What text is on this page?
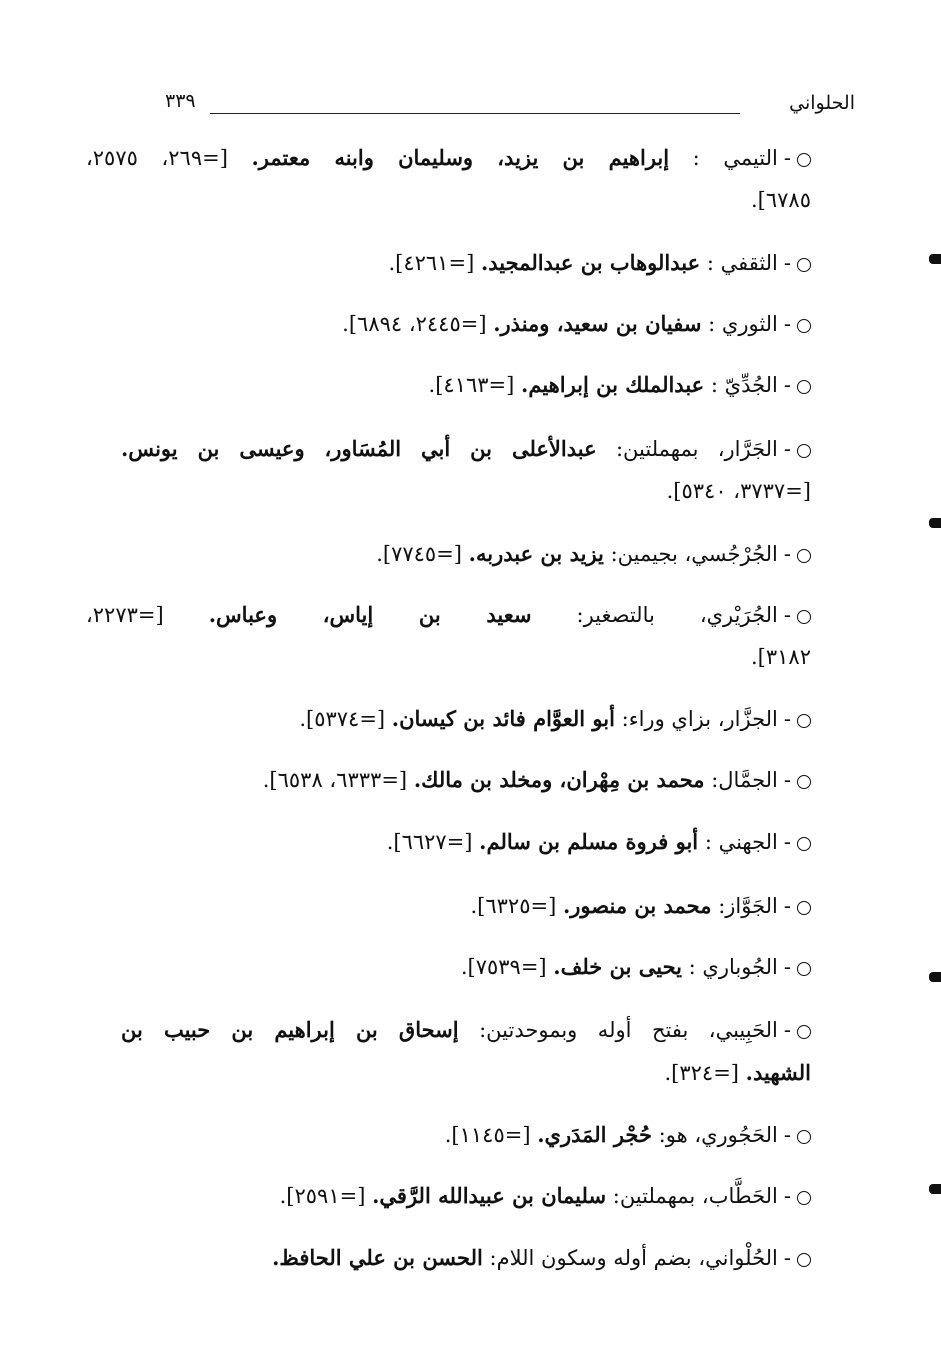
الحلواني
٣٣٩
-التيمي : إبراهيم بن يزيد، وسليمان وابنه معتمر. [=٢٦٩، ٢٥٧٥،
٦٧٨٥].
-الثقفي : عبدالوهاب بن عبدالمجيد. [=٤٢٦١].
-الثوري : سفيان بن سعيد، ومنذر. [=٢٤٤٥، ٦٨٩٤].
-الجُدِّيّ : عبدالملك بن إبراهيم. [=٤١٦٣].
-الجَرَّار، بمهملتين: عبدالأعلى بن أبي المُسَاور، وعيسى بن يونس.
[=٣٧٣٧، ٥٣٤٠].
-الجُرْجُسي، بجيمين: يزيد بن عبدربه. [=٧٧٤٥].
-الجُرَيْري، بالتصغير: سعيد بن إياس، وعباس. [=٢٢٧٣،
٣١٨٢].
-الجزَّار، بزاي وراء: أبو العوَّام فائد بن كيسان. [=٥٣٧٤].
-الجمَّال: محمد بن مِهْران، ومخلد بن مالك. [=٦٣٣٣، ٦٥٣٨].
-الجهني : أبو فروة مسلم بن سالم. [=٦٦٢٧].
-الجَوَّاز: محمد بن منصور. [=٦٣٢٥].
-الجُوباري : يحيى بن خلف. [=٧٥٣٩].
-الحَبِيبي، بفتح أوله وبموحدتين: إسحاق بن إبراهيم بن حبيب بن
الشهيد. [=٣٢٤].
-الحَجُوري، هو: حُجْر المَدَري. [=١١٤٥].
-الحَطَّاب، بمهملتين: سليمان بن عبيدالله الرَّقي. [=٢٥٩١].
-الحُلْواني، بضم أوله وسكون اللام: الحسن بن علي الحافظ.
